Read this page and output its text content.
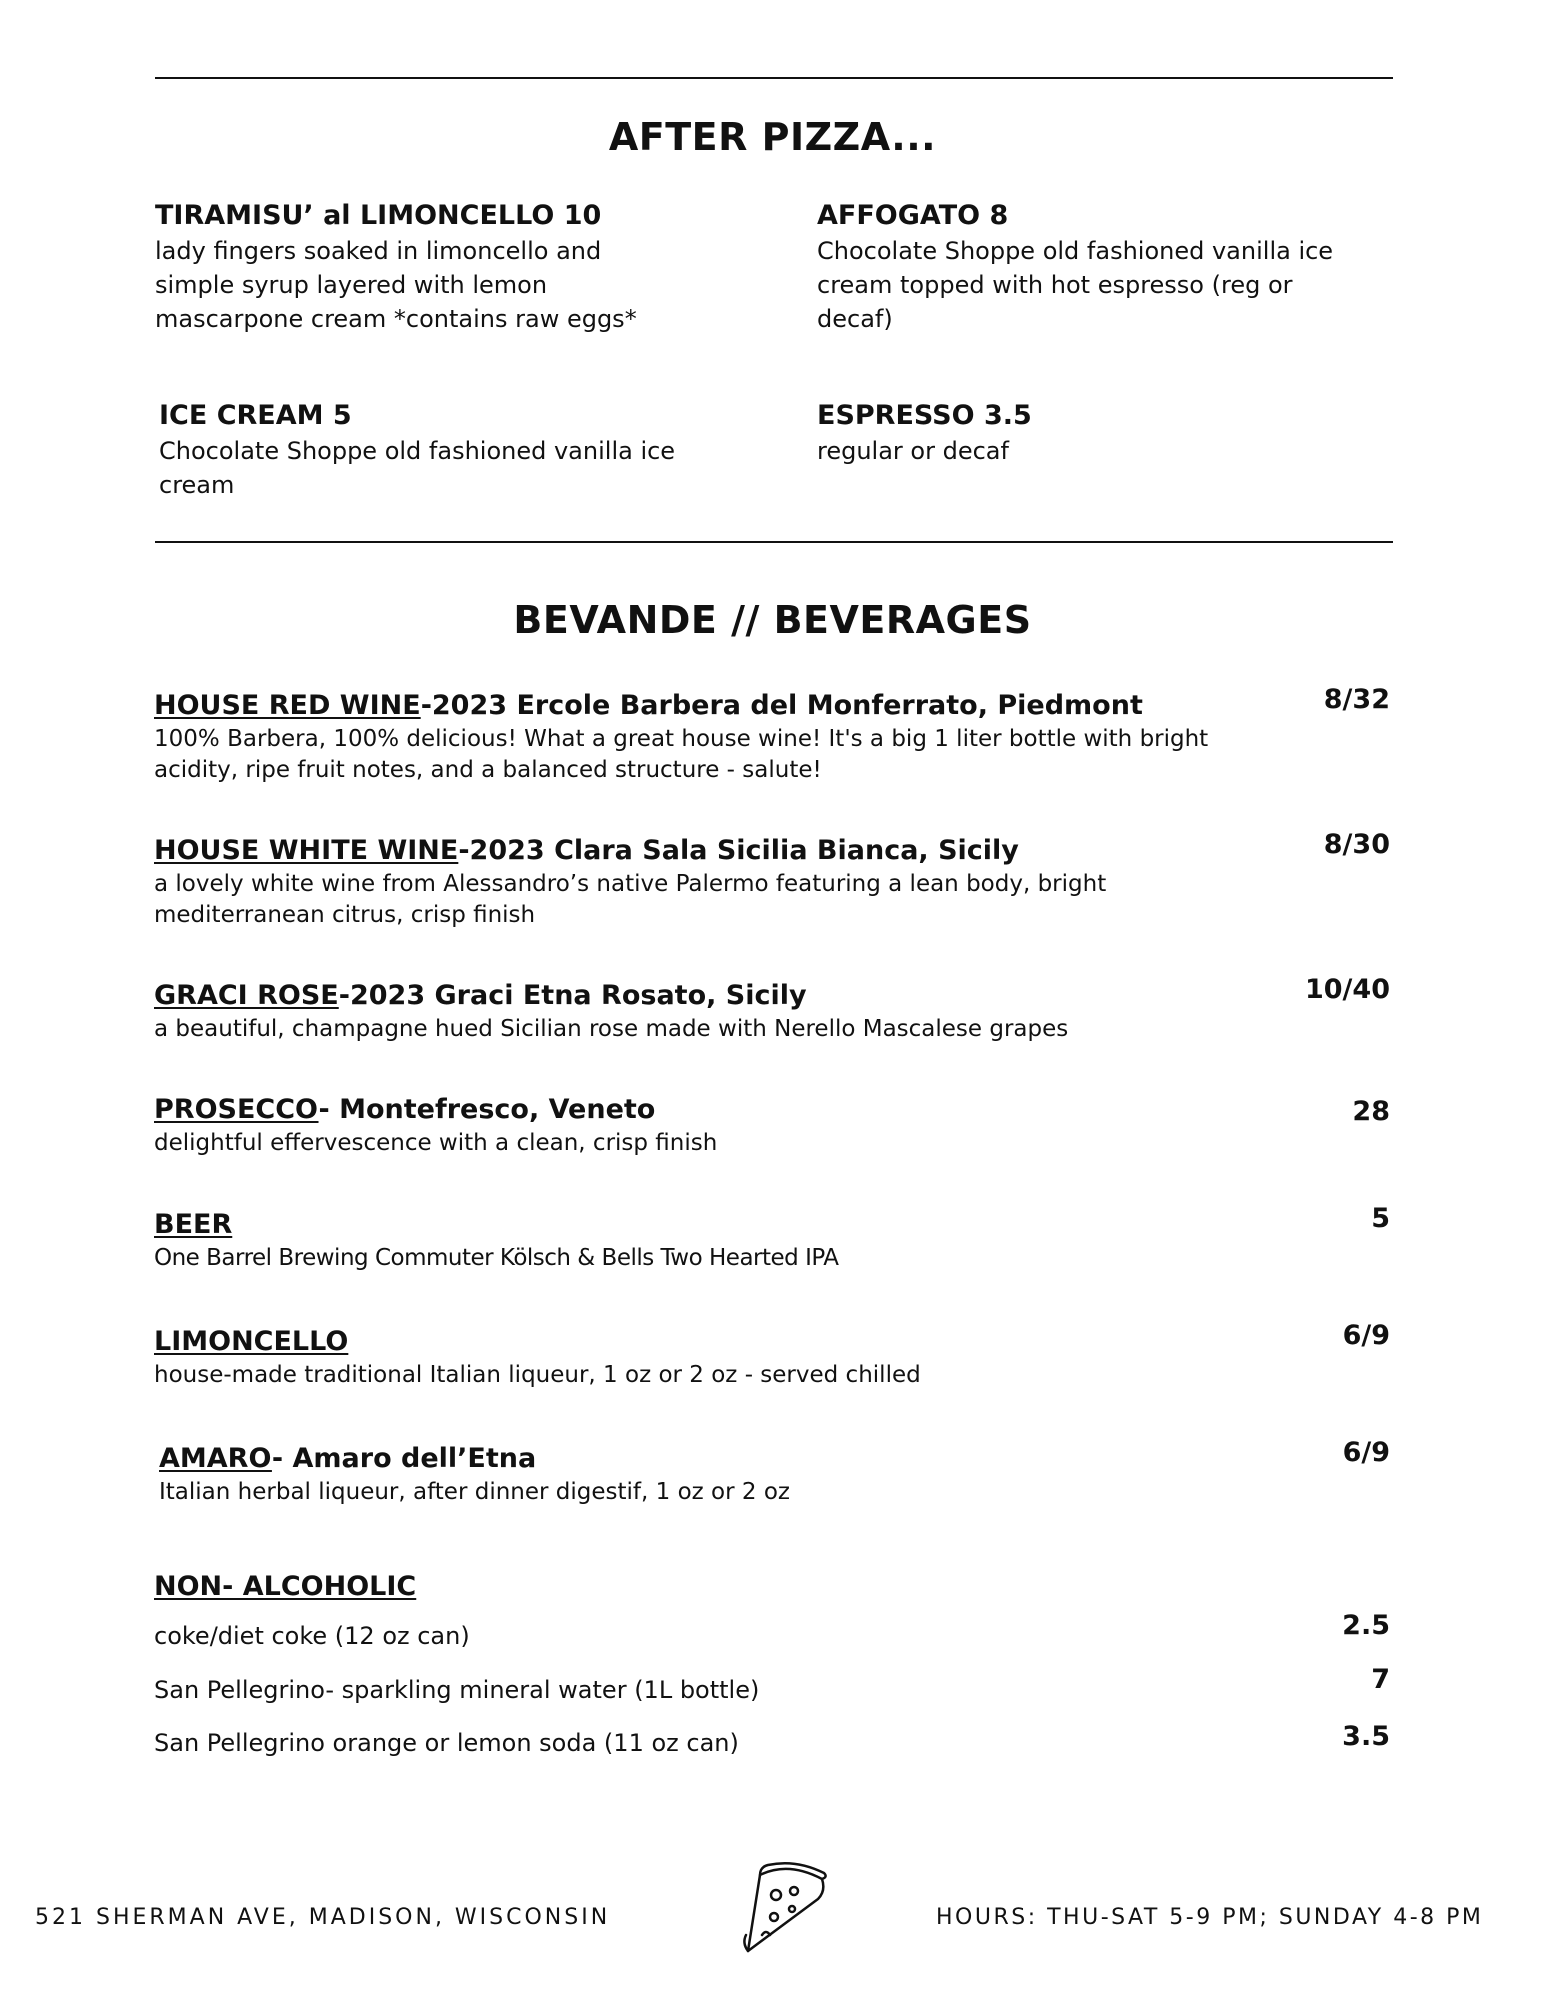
AFTER PIZZA...

TIRAMISU’ al LIMONCELLO 10

lady fingers soaked in limoncello and

simple syrup layered with lemon

mascarpone cream *contains raw eggs*

AFFOGATO 8

Chocolate Shoppe old fashioned vanilla ice

cream topped with hot espresso (reg or

decaf)

ICE CREAM 5

Chocolate Shoppe old fashioned vanilla ice

cream

ESPRESSO 3.5

regular or decaf

BEVANDE // BEVERAGES
HOUSE RED WINE-2023 Ercole Barbera del Monferrato, Piedmont	8/32
100% Barbera, 100% delicious! What a great house wine! It's a big 1 liter bottle with bright
acidity, ripe fruit notes, and a balanced structure - salute!
HOUSE WHITE WINE-2023 Clara Sala Sicilia Bianca, Sicily	8/30
a lovely white wine from Alessandro’s native Palermo featuring a lean body, bright
mediterranean citrus, crisp finish
GRACI ROSE-2023 Graci Etna Rosato, Sicily	10/40
a beautiful, champagne hued Sicilian rose made with Nerello Mascalese grapes
PROSECCO- Montefresco, Veneto	28
delightful effervescence with a clean, crisp finish
BEER	5
One Barrel Brewing Commuter Kölsch & Bells Two Hearted IPA
LIMONCELLO	6/9
house-made traditional Italian liqueur, 1 oz or 2 oz - served chilled
AMARO- Amaro dell’Etna	6/9
Italian herbal liqueur, after dinner digestif, 1 oz or 2 oz
NON- ALCOHOLIC
coke/diet coke (12 oz can)	2.5
San Pellegrino- sparkling mineral water (1L bottle)	7
San Pellegrino orange or lemon soda (11 oz can)	3.5
521 SHERMAN AVE, MADISON, WISCONSIN	HOURS: THU-SAT 5-9 PM; SUNDAY 4-8 PM
